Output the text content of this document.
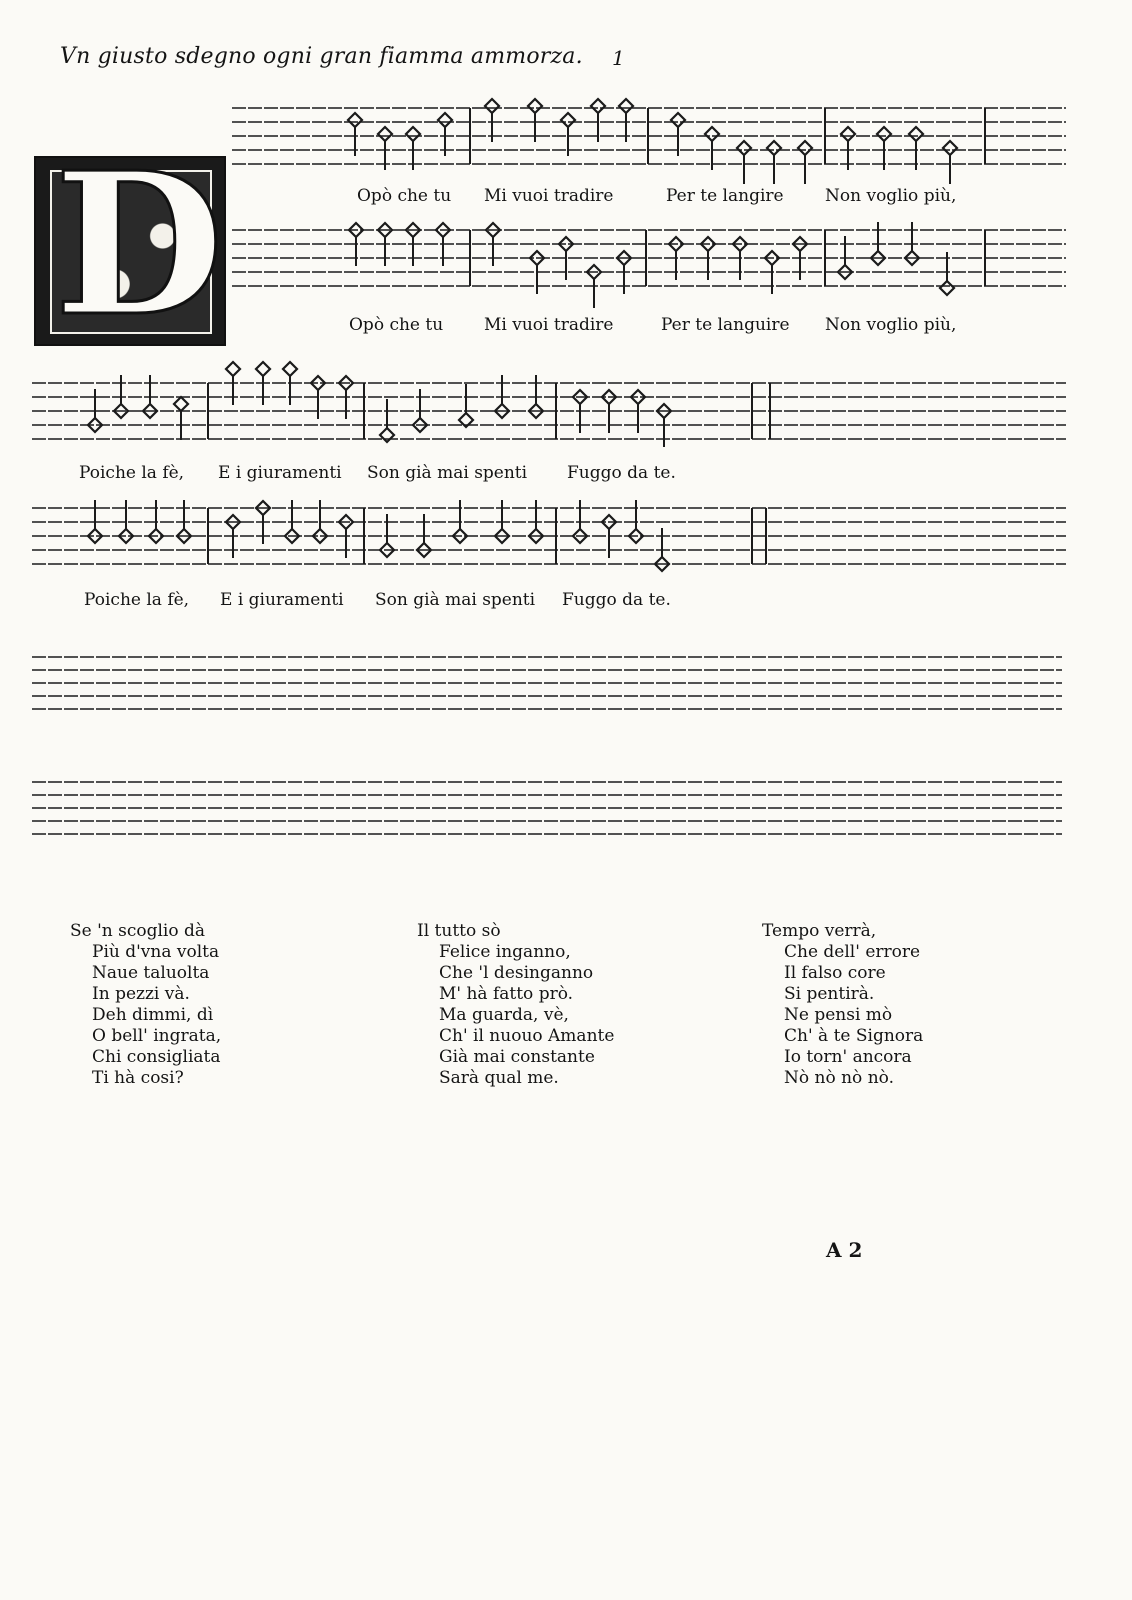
Vn giusto sdegno ogni gran fiamma ammorza. 1
D	Opò che tu Mi vuoi tradire	Per te langire Non voglio più,
Opò che tu Mi vuoi tradire	Per te languire Non voglio più,
Poiche la fè, E i giuramenti Son già mai spenti Fuggo da te.
Poiche la fè, E i giuramenti Son già mai spenti Fuggo da te.
Se 'n scoglio dà
Più d'vna volta
Naue taluolta
In pezzi và.
Deh dimmi, dì
O bell' ingrata,
Chi consigliata
Ti hà cosi?
Il tutto sò
Felice inganno,
Che 'l desinganno
M' hà fatto prò.
Ma guarda, vè,
Ch' il nuouo Amante
Già mai constante
Sarà qual me.
Tempo verrà,
Che dell' errore
Il falso core
Si pentirà.
Ne pensi mò
Ch' à te Signora
Io torn' ancora
Nò nò nò nò.
A 2
